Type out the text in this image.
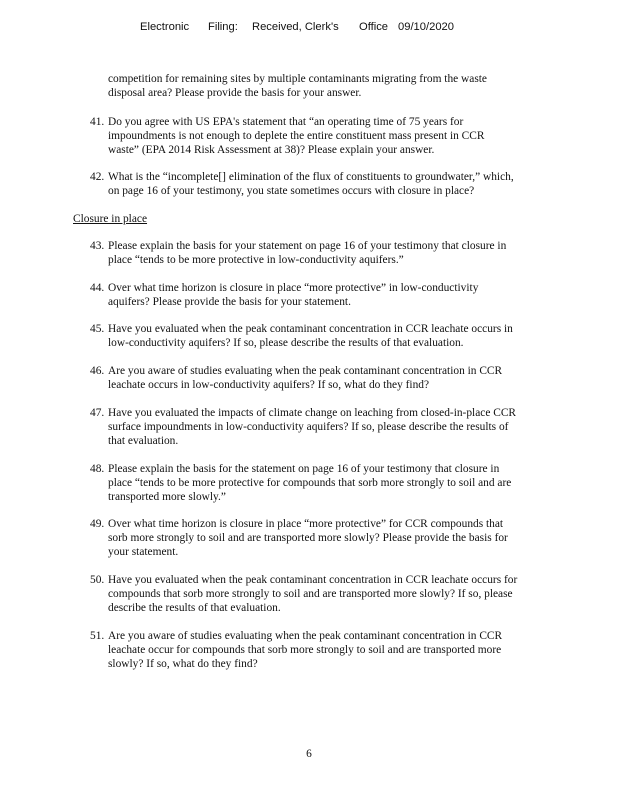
Electronic

Filing:

Received, Clerk's

Office

09/10/2020

competition for remaining sites by multiple contaminants migrating from the waste
disposal area? Please provide the basis for your answer.
41. Do you agree with US EPA's statement that “an operating time of 75 years for
impoundments is not enough to deplete the entire constituent mass present in CCR
waste” (EPA 2014 Risk Assessment at 38)? Please explain your answer.
42. What is the “incomplete[] elimination of the flux of constituents to groundwater,” which,
on page 16 of your testimony, you state sometimes occurs with closure in place?
Closure in place
43. Please explain the basis for your statement on page 16 of your testimony that closure in
place “tends to be more protective in low-conductivity aquifers.”
44. Over what time horizon is closure in place “more protective” in low-conductivity
aquifers? Please provide the basis for your statement.
45. Have you evaluated when the peak contaminant concentration in CCR leachate occurs in
low-conductivity aquifers? If so, please describe the results of that evaluation.
46. Are you aware of studies evaluating when the peak contaminant concentration in CCR
leachate occurs in low-conductivity aquifers? If so, what do they find?
47. Have you evaluated the impacts of climate change on leaching from closed-in-place CCR
surface impoundments in low-conductivity aquifers? If so, please describe the results of
that evaluation.
48. Please explain the basis for the statement on page 16 of your testimony that closure in
place “tends to be more protective for compounds that sorb more strongly to soil and are
transported more slowly.”
49. Over what time horizon is closure in place “more protective” for CCR compounds that
sorb more strongly to soil and are transported more slowly? Please provide the basis for
your statement.
50. Have you evaluated when the peak contaminant concentration in CCR leachate occurs for
compounds that sorb more strongly to soil and are transported more slowly? If so, please
describe the results of that evaluation.
51. Are you aware of studies evaluating when the peak contaminant concentration in CCR
leachate occur for compounds that sorb more strongly to soil and are transported more
slowly? If so, what do they find?
6
